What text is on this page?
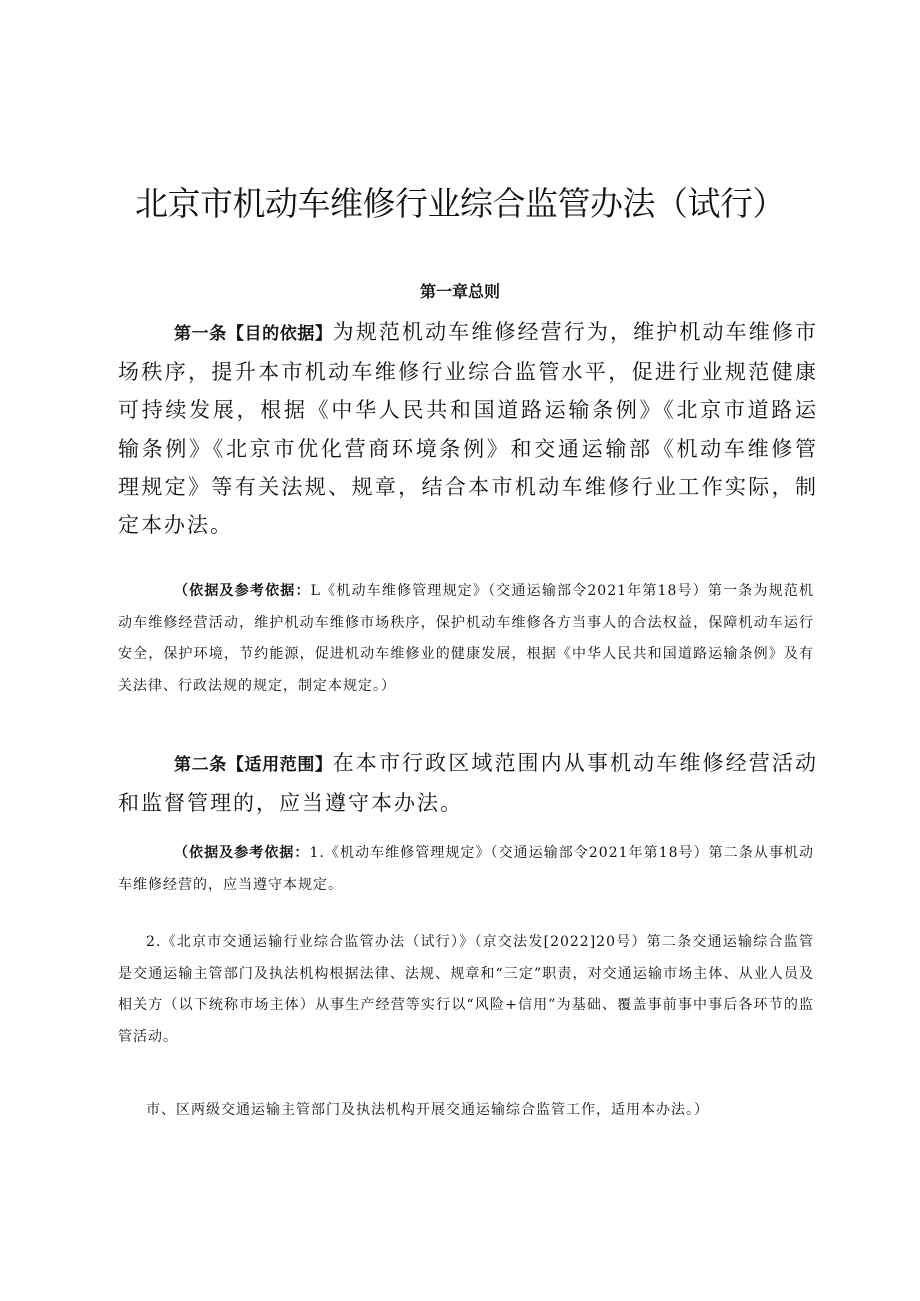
北京市机动车维修行业综合监管办法（试行）
第一章总则
第一条【目的依据】为规范机动车维修经营行为，维护机动车维修市场秩序，提升本市机动车维修行业综合监管水平，促进行业规范健康可持续发展，根据《中华人民共和国道路运输条例》《北京市道路运输条例》《北京市优化营商环境条例》和交通运输部《机动车维修管理规定》等有关法规、规章，结合本市机动车维修行业工作实际，制定本办法。
（依据及参考依据：L《机动车维修管理规定》（交通运输部令2021年第18号）第一条为规范机动车维修经营活动，维护机动车维修市场秩序，保护机动车维修各方当事人的合法权益，保障机动车运行安全，保护环境，节约能源，促进机动车维修业的健康发展，根据《中华人民共和国道路运输条例》及有关法律、行政法规的规定，制定本规定。）
第二条【适用范围】在本市行政区域范围内从事机动车维修经营活动和监督管理的，应当遵守本办法。
（依据及参考依据：1.《机动车维修管理规定》（交通运输部令2021年第18号）第二条从事机动车维修经营的，应当遵守本规定。
2.《北京市交通运输行业综合监管办法（试行）》（京交法发[2022]20号）第二条交通运输综合监管是交通运输主管部门及执法机构根据法律、法规、规章和“三定”职责，对交通运输市场主体、从业人员及相关方（以下统称市场主体）从事生产经营等实行以“风险+信用”为基础、覆盖事前事中事后各环节的监管活动。
市、区两级交通运输主管部门及执法机构开展交通运输综合监管工作，适用本办法。）
